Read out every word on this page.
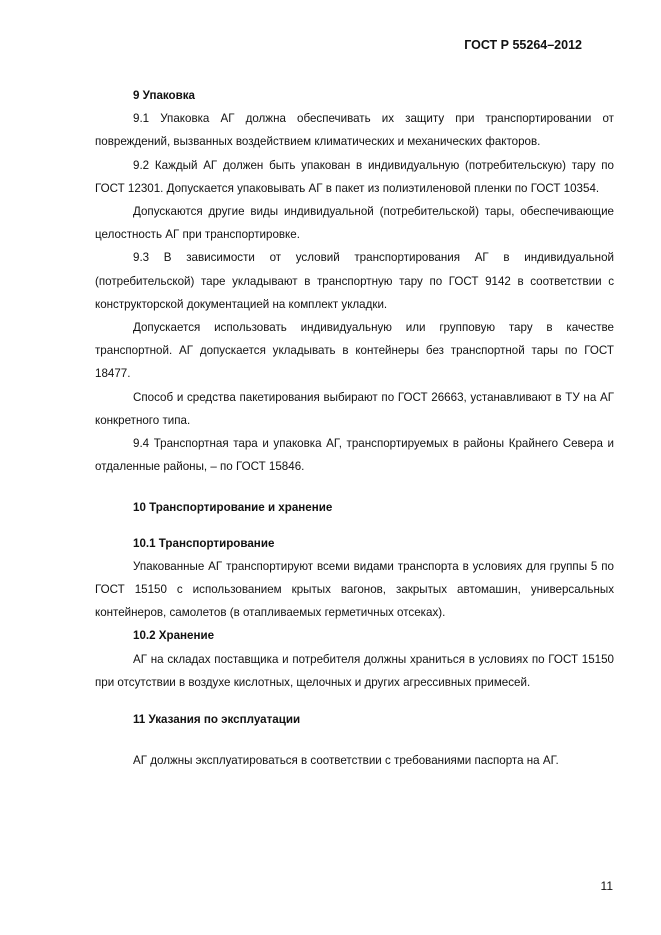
ГОСТ Р 55264–2012

9 Упаковка

9.1 Упаковка АГ должна обеспечивать их защиту при транспортировании от повреждений, вызванных воздействием климатических и механических факторов.

9.2 Каждый АГ должен быть упакован в индивидуальную (потребительскую) тару по ГОСТ 12301. Допускается упаковывать АГ в пакет из полиэтиленовой пленки по ГОСТ 10354.

Допускаются другие виды индивидуальной (потребительской) тары, обеспечивающие целостность АГ при транспортировке.

9.3 В зависимости от условий транспортирования АГ в индивидуальной (потребительской) таре укладывают в транспортную тару по ГОСТ 9142 в соответствии с конструкторской документацией на комплект укладки.

Допускается использовать индивидуальную или групповую тару в качестве транспортной. АГ допускается укладывать в контейнеры без транспортной тары по ГОСТ 18477.

Способ и средства пакетирования выбирают по ГОСТ 26663, устанавливают в ТУ на АГ конкретного типа.

9.4 Транспортная тара и упаковка АГ, транспортируемых в районы Крайнего Севера и отдаленные районы, – по ГОСТ 15846.

10 Транспортирование и хранение

10.1 Транспортирование

Упакованные АГ транспортируют всеми видами транспорта в условиях для группы 5 по ГОСТ 15150 с использованием крытых вагонов, закрытых автомашин, универсальных контейнеров, самолетов (в отапливаемых герметичных отсеках).

10.2 Хранение

АГ на складах поставщика и потребителя должны храниться в условиях по ГОСТ 15150 при отсутствии в воздухе кислотных, щелочных и других агрессивных примесей.

11 Указания по эксплуатации

АГ должны эксплуатироваться в соответствии с требованиями паспорта на АГ.

11
